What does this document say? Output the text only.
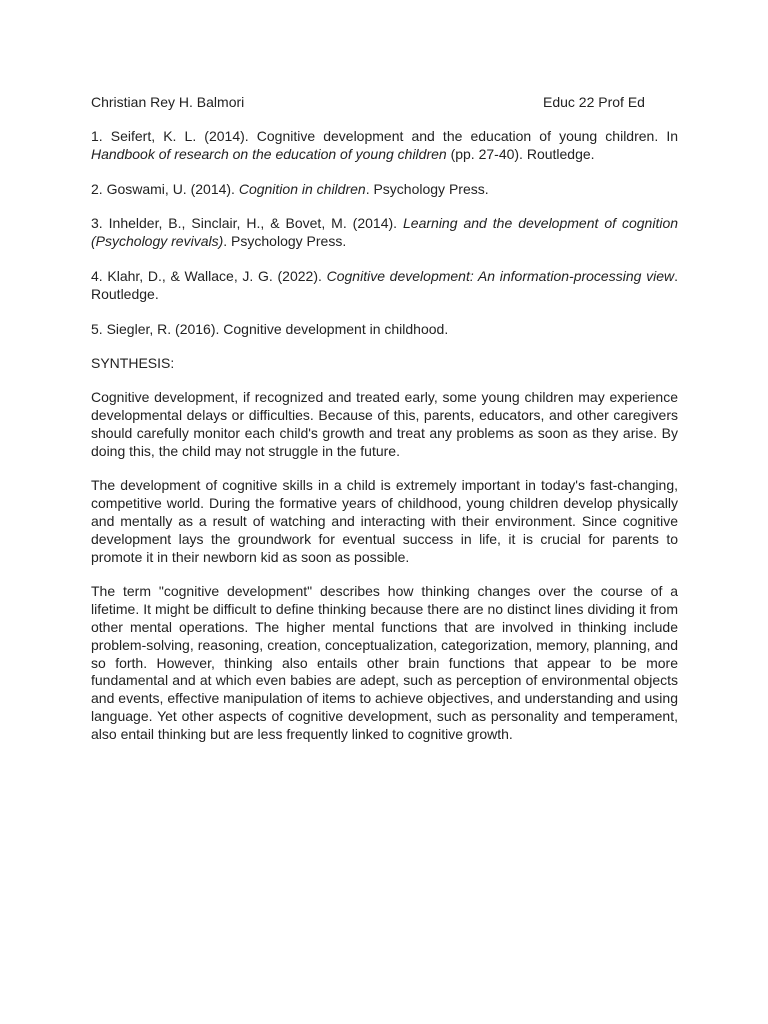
Christian Rey H. Balmori	Educ 22 Prof Ed

1. Seifert, K. L. (2014). Cognitive development and the education of young children. In Handbook of research on the education of young children (pp. 27-40). Routledge.

2. Goswami, U. (2014). Cognition in children. Psychology Press.

3. Inhelder, B., Sinclair, H., & Bovet, M. (2014). Learning and the development of cognition (Psychology revivals). Psychology Press.

4. Klahr, D., & Wallace, J. G. (2022). Cognitive development: An information-processing view. Routledge.

5. Siegler, R. (2016). Cognitive development in childhood.

SYNTHESIS:

Cognitive development, if recognized and treated early, some young children may experience developmental delays or difficulties. Because of this, parents, educators, and other caregivers should carefully monitor each child's growth and treat any problems as soon as they arise. By doing this, the child may not struggle in the future.

The development of cognitive skills in a child is extremely important in today's fast-changing, competitive world. During the formative years of childhood, young children develop physically and mentally as a result of watching and interacting with their environment. Since cognitive development lays the groundwork for eventual success in life, it is crucial for parents to promote it in their newborn kid as soon as possible.

The term "cognitive development" describes how thinking changes over the course of a lifetime. It might be difficult to define thinking because there are no distinct lines dividing it from other mental operations. The higher mental functions that are involved in thinking include problem-solving, reasoning, creation, conceptualization, categorization, memory, planning, and so forth. However, thinking also entails other brain functions that appear to be more fundamental and at which even babies are adept, such as perception of environmental objects and events, effective manipulation of items to achieve objectives, and understanding and using language. Yet other aspects of cognitive development, such as personality and temperament, also entail thinking but are less frequently linked to cognitive growth.
